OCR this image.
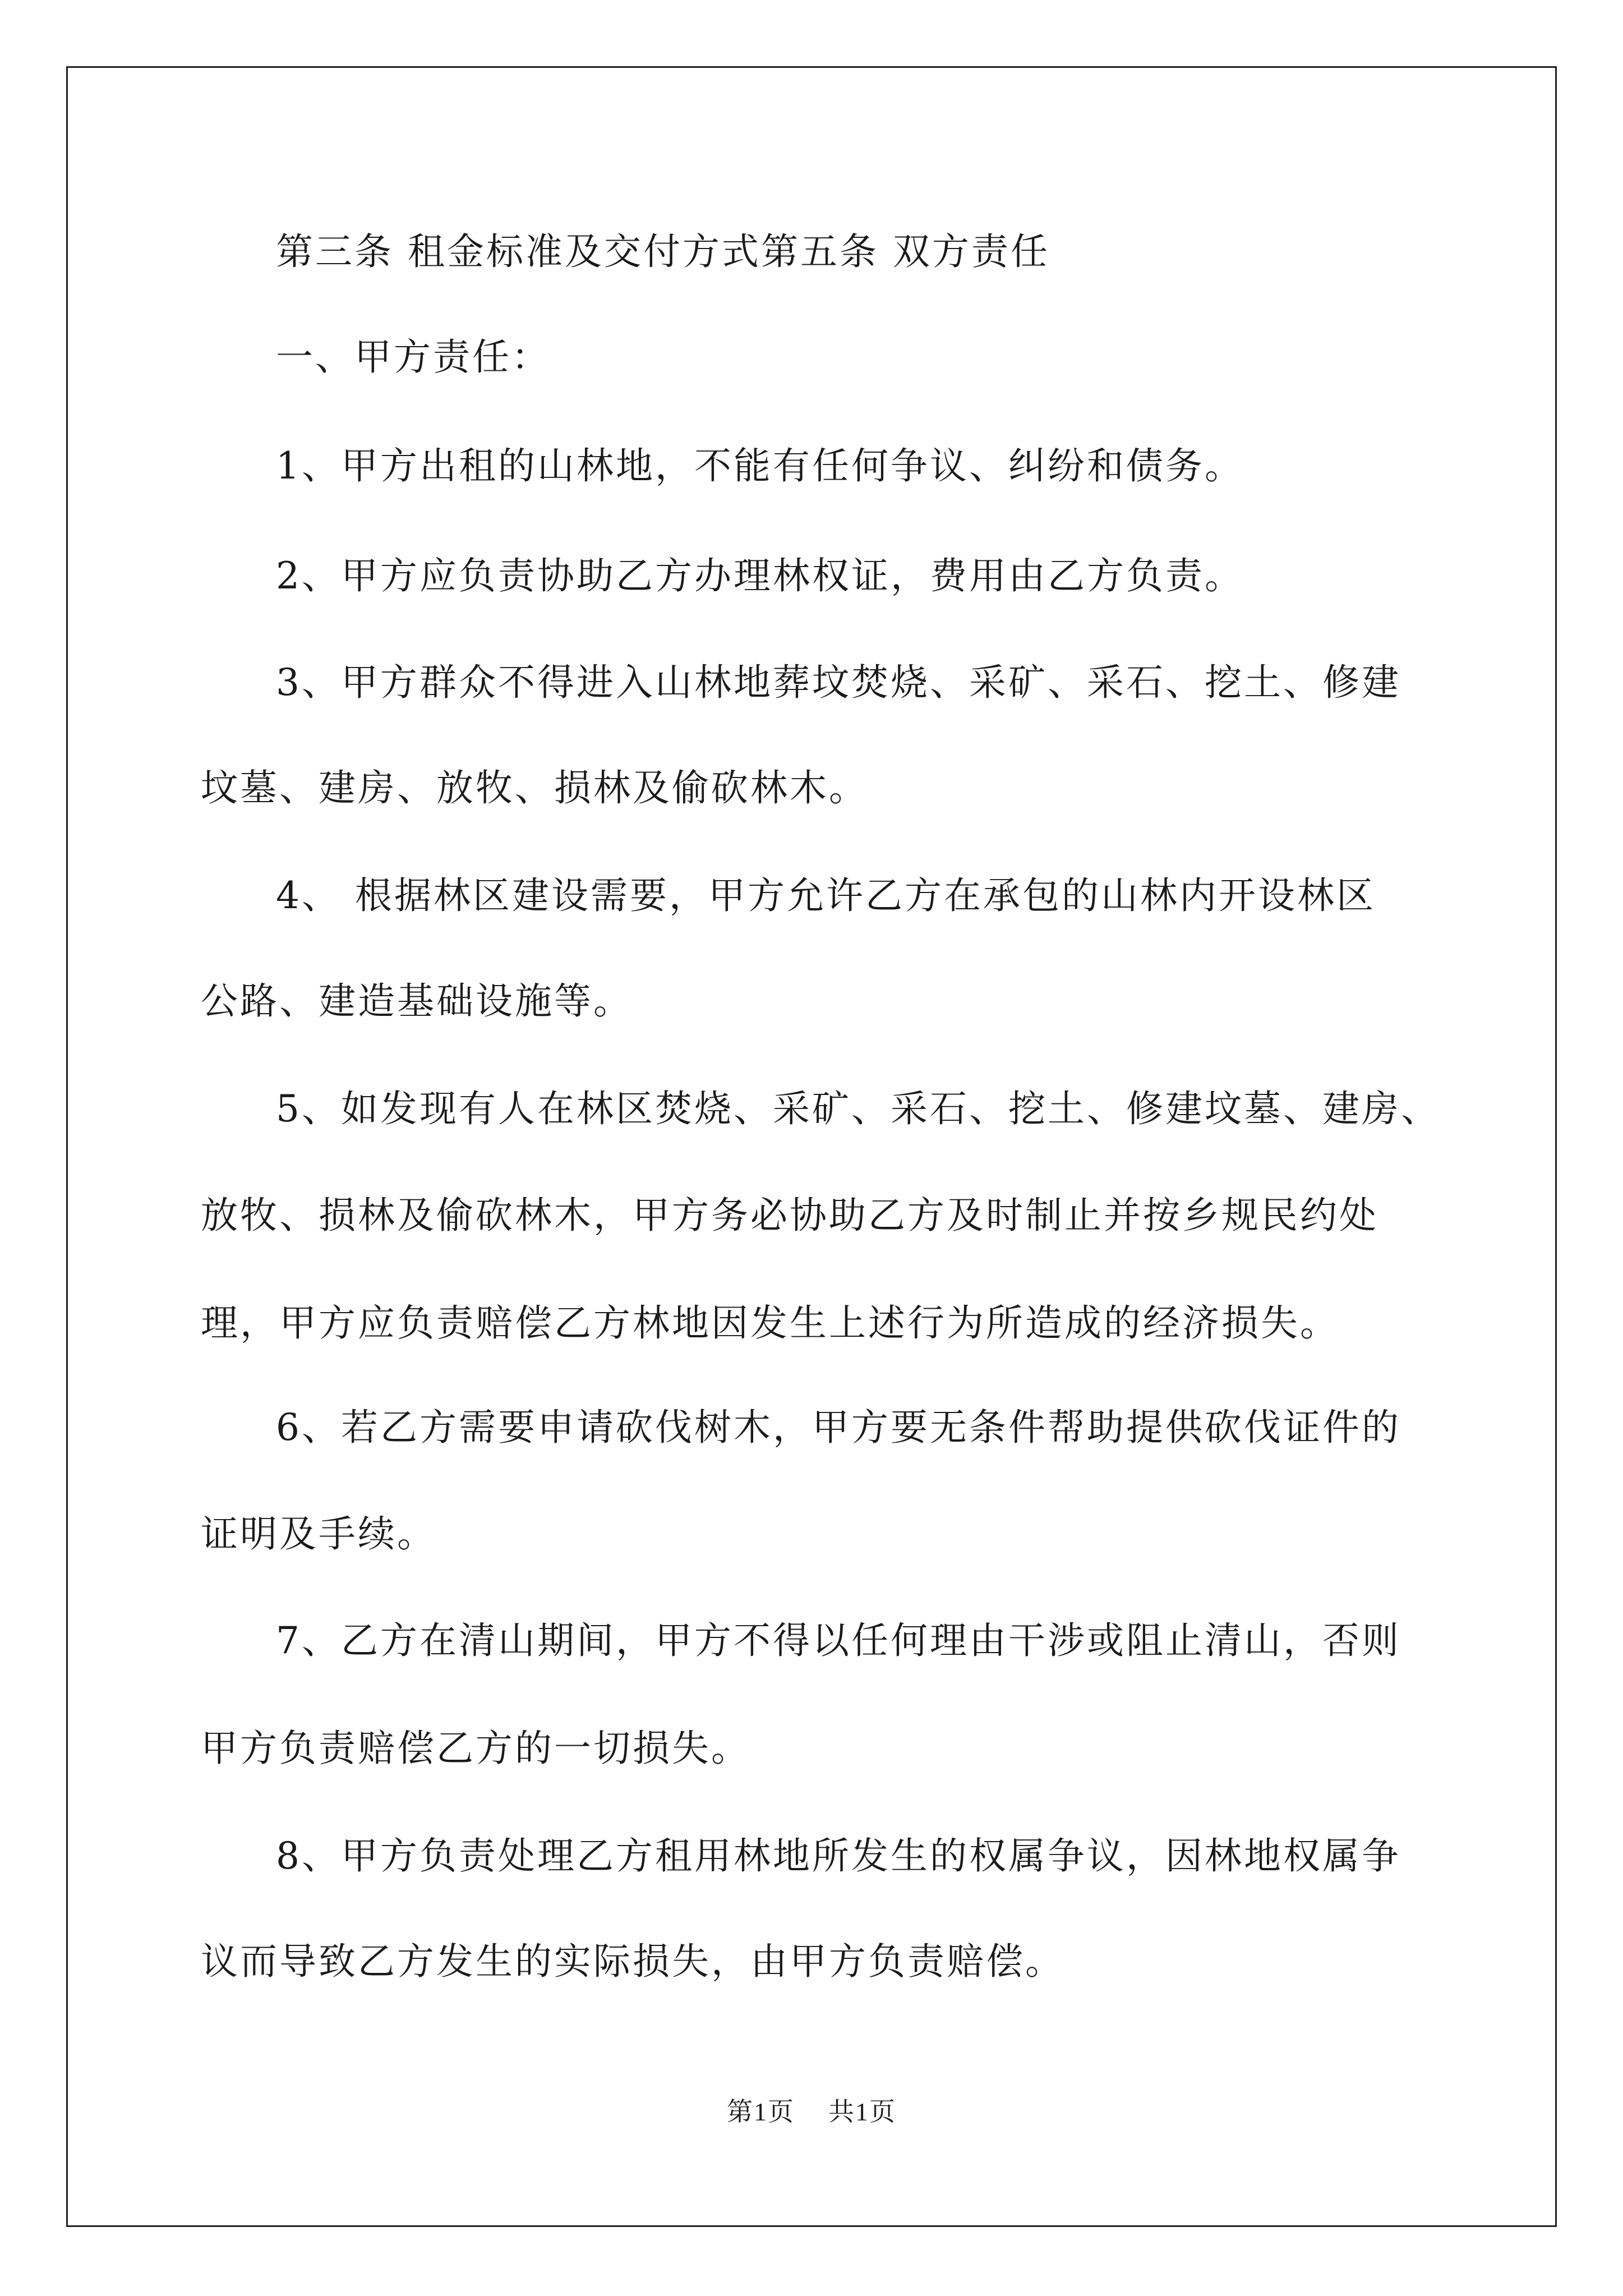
第三条 租金标准及交付方式第五条 双方责任
一、甲方责任：
1、甲方出租的山林地，不能有任何争议、纠纷和债务。
2、甲方应负责协助乙方办理林权证，费用由乙方负责。
3、甲方群众不得进入山林地葬坟焚烧、采矿、采石、挖土、修建
坟墓、建房、放牧、损林及偷砍林木。
4、 根据林区建设需要，甲方允许乙方在承包的山林内开设林区
公路、建造基础设施等。
5、如发现有人在林区焚烧、采矿、采石、挖土、修建坟墓、建房、
放牧、损林及偷砍林木，甲方务必协助乙方及时制止并按乡规民约处
理，甲方应负责赔偿乙方林地因发生上述行为所造成的经济损失。
6、若乙方需要申请砍伐树木，甲方要无条件帮助提供砍伐证件的
证明及手续。
7、乙方在清山期间，甲方不得以任何理由干涉或阻止清山，否则
甲方负责赔偿乙方的一切损失。
8、甲方负责处理乙方租用林地所发生的权属争议，因林地权属争
议而导致乙方发生的实际损失，由甲方负责赔偿。
第1页 共1页
